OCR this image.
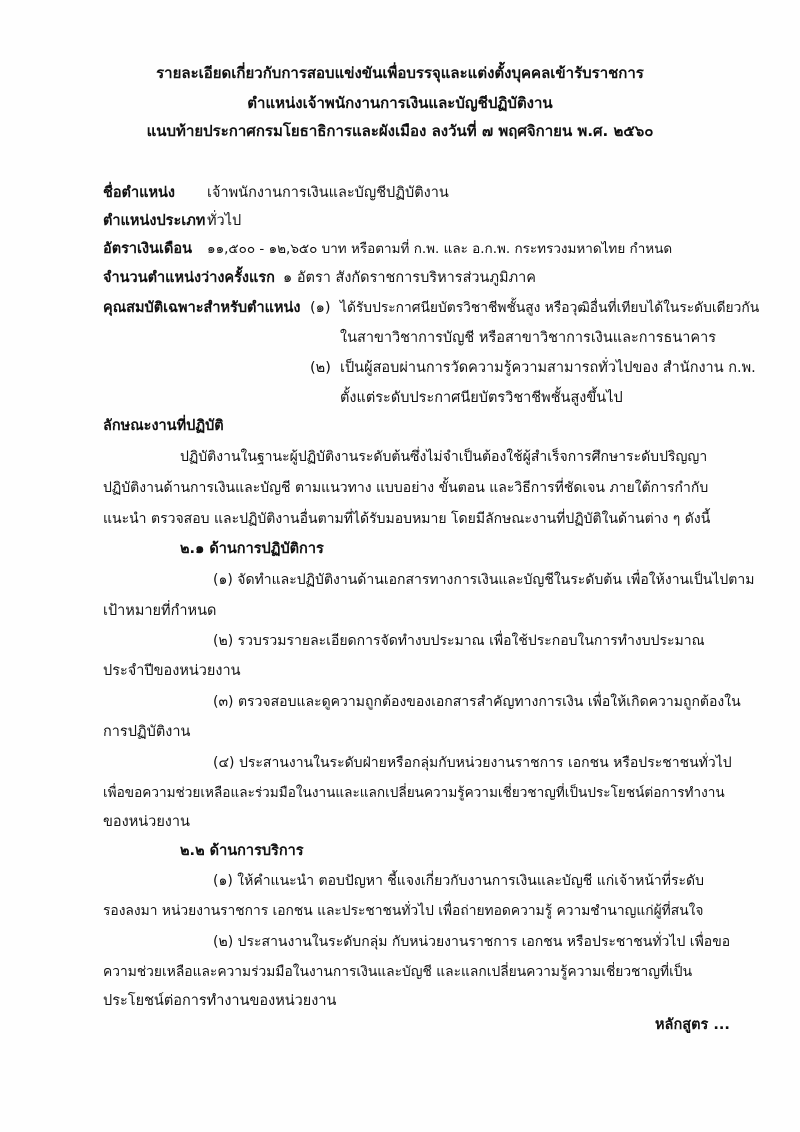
รายละเอียดเกี่ยวกับการสอบแข่งขันเพื่อบรรจุและแต่งตั้งบุคคลเข้ารับราชการ
ตำแหน่งเจ้าพนักงานการเงินและบัญชีปฏิบัติงาน
แนบท้ายประกาศกรมโยธาธิการและผังเมือง ลงวันที่ ๗ พฤศจิกายน พ.ศ. ๒๕๖๐
ชื่อตำแหน่ง เจ้าพนักงานการเงินและบัญชีปฏิบัติงาน
ตำแหน่งประเภท ทั่วไป
อัตราเงินเดือน ๑๑,๕๐๐ - ๑๒,๖๕๐ บาท หรือตามที่ ก.พ. และ อ.ก.พ. กระทรวงมหาดไทย กำหนด
จำนวนตำแหน่งว่างครั้งแรก ๑ อัตรา สังกัดราชการบริหารส่วนภูมิภาค
คุณสมบัติเฉพาะสำหรับตำแหน่ง (๑) ได้รับประกาศนียบัตรวิชาชีพชั้นสูง หรือวุฒิอื่นที่เทียบได้ในระดับเดียวกัน
ในสาขาวิชาการบัญชี หรือสาขาวิชาการเงินและการธนาคาร
(๒) เป็นผู้สอบผ่านการวัดความรู้ความสามารถทั่วไปของ สำนักงาน ก.พ.
ตั้งแต่ระดับประกาศนียบัตรวิชาชีพชั้นสูงขึ้นไป
ลักษณะงานที่ปฏิบัติ
ปฏิบัติงานในฐานะผู้ปฏิบัติงานระดับต้นซึ่งไม่จำเป็นต้องใช้ผู้สำเร็จการศึกษาระดับปริญญา
ปฏิบัติงานด้านการเงินและบัญชี ตามแนวทาง แบบอย่าง ขั้นตอน และวิธีการที่ชัดเจน ภายใต้การกำกับ
แนะนำ ตรวจสอบ และปฏิบัติงานอื่นตามที่ได้รับมอบหมาย โดยมีลักษณะงานที่ปฏิบัติในด้านต่าง ๆ ดังนี้
๒.๑ ด้านการปฏิบัติการ
(๑) จัดทำและปฏิบัติงานด้านเอกสารทางการเงินและบัญชีในระดับต้น เพื่อให้งานเป็นไปตาม
เป้าหมายที่กำหนด
(๒) รวบรวมรายละเอียดการจัดทำงบประมาณ เพื่อใช้ประกอบในการทำงบประมาณ
ประจำปีของหน่วยงาน
(๓) ตรวจสอบและดูความถูกต้องของเอกสารสำคัญทางการเงิน เพื่อให้เกิดความถูกต้องใน
การปฏิบัติงาน
(๔) ประสานงานในระดับฝ่ายหรือกลุ่มกับหน่วยงานราชการ เอกชน หรือประชาชนทั่วไป
เพื่อขอความช่วยเหลือและร่วมมือในงานและแลกเปลี่ยนความรู้ความเชี่ยวชาญที่เป็นประโยชน์ต่อการทำงาน
ของหน่วยงาน
๒.๒ ด้านการบริการ
(๑) ให้คำแนะนำ ตอบปัญหา ชี้แจงเกี่ยวกับงานการเงินและบัญชี แก่เจ้าหน้าที่ระดับ
รองลงมา หน่วยงานราชการ เอกชน และประชาชนทั่วไป เพื่อถ่ายทอดความรู้ ความชำนาญแก่ผู้ที่สนใจ
(๒) ประสานงานในระดับกลุ่ม กับหน่วยงานราชการ เอกชน หรือประชาชนทั่วไป เพื่อขอ
ความช่วยเหลือและความร่วมมือในงานการเงินและบัญชี และแลกเปลี่ยนความรู้ความเชี่ยวชาญที่เป็น
ประโยชน์ต่อการทำงานของหน่วยงาน
หลักสูตร ...
